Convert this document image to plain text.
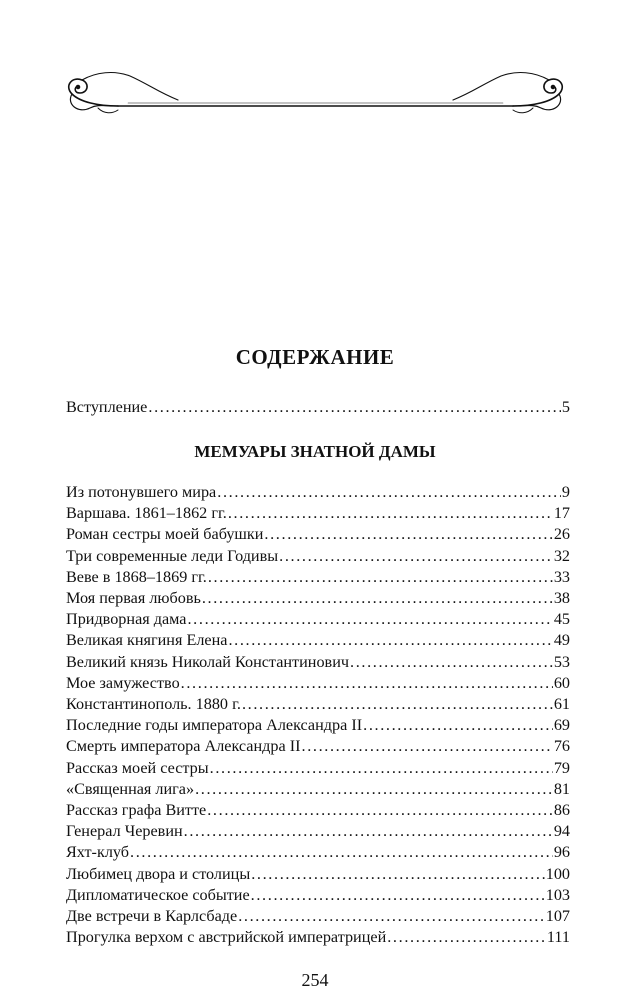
СОДЕРЖАНИЕ
Вступление . . .	5
МЕМУАРЫ ЗНАТНОЙ ДАМЫ
Из потонувшего мира . . .	9
Варшава. 1861–1862 гг. . . .	17
Роман сестры моей бабушки . . .	26
Три современные леди Годивы . . .	32
Веве в 1868–1869 гг. . . .	33
Моя первая любовь . . .	38
Придворная дама . . .	45
Великая княгиня Елена . . .	49
Великий князь Николай Константинович . . .	53
Мое замужество . . .	60
Константинополь. 1880 г. . . .	61
Последние годы императора Александра II . . .	69
Смерть императора Александра II . . .	76
Рассказ моей сестры . . .	79
«Священная лига» . . .	81
Рассказ графа Витте . . .	86
Генерал Черевин . . .	94
Яхт-клуб . . .	96
Любимец двора и столицы . . .	100
Дипломатическое событие . . .	103
Две встречи в Карлсбаде . . .	107
Прогулка верхом с австрийской императрицей . . .	111
254
